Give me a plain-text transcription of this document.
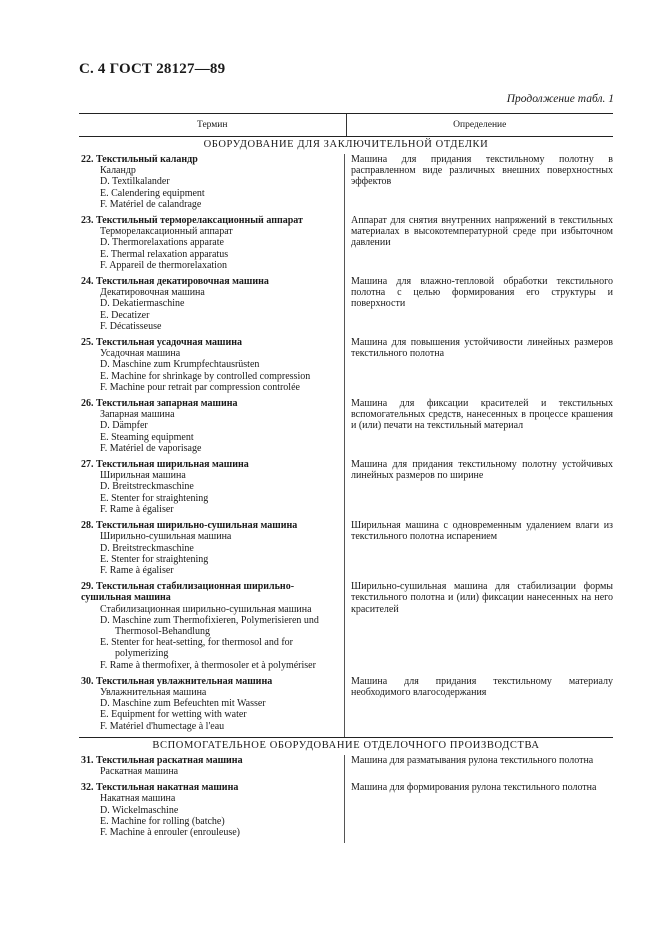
С. 4 ГОСТ 28127—89
Продолжение табл. 1
Термин	Определение
ОБОРУДОВАНИЕ ДЛЯ ЗАКЛЮЧИТЕЛЬНОЙ ОТДЕЛКИ
22. Текстильный каландр
Каландр
D. Textilkalander
E. Calendering equipment
F. Matériel de calandrage
Машина для придания текстильному полотну в расправленном виде различных внешних поверхностных эффектов
23. Текстильный терморелаксационный аппарат
Терморелаксационный аппарат
D. Thermorelaxations apparate
E. Thermal relaxation apparatus
F. Appareil de thermorelaxation
Аппарат для снятия внутренних напряжений в текстильных материалах в высокотемпературной среде при избыточном давлении
24. Текстильная декатировочная машина
Декатировочная машина
D. Dekatiermaschine
E. Decatizer
F. Décatisseuse
Машина для влажно-тепловой обработки текстильного полотна с целью формирования его структуры и поверхности
25. Текстильная усадочная машина
Усадочная машина
D. Maschine zum Krumpfechtausrüsten
E. Machine for shrinkage by controlled compression
F. Machine pour retrait par compression controlée
Машина для повышения устойчивости линейных размеров текстильного полотна
26. Текстильная запарная машина
Запарная машина
D. Dämpfer
E. Steaming equipment
F. Matériel de vaporisage
Машина для фиксации красителей и текстильных вспомогательных средств, нанесенных в процессе крашения и (или) печати на текстильный материал
27. Текстильная ширильная машина
Ширильная машина
D. Breitstreckmaschine
E. Stenter for straightening
F. Rame à égaliser
Машина для придания текстильному полотну устойчивых линейных размеров по ширине
28. Текстильная ширильно-сушильная машина
Ширильно-сушильная машина
D. Breitstreckmaschine
E. Stenter for straightening
F. Rame à égaliser
Ширильная машина с одновременным удалением влаги из текстильного полотна испарением
29. Текстильная стабилизационная ширильно-сушильная машина
Стабилизационная ширильно-сушильная машина
D. Maschine zum Thermofixieren, Polymerisieren und
Thermosol-Behandlung
E. Stenter for heat-setting, for thermosol and for
polymerizing
F. Rame à thermofixer, à thermosoler et à polymériser
Ширильно-сушильная машина для стабилизации формы текстильного полотна и (или) фиксации нанесенных на него красителей
30. Текстильная увлажнительная машина
Увлажнительная машина
D. Maschine zum Befeuchten mit Wasser
E. Equipment for wetting with water
F. Matériel d'humectage à l'eau
Машина для придания текстильному материалу необходимого влагосодержания
ВСПОМОГАТЕЛЬНОЕ ОБОРУДОВАНИЕ ОТДЕЛОЧНОГО ПРОИЗВОДСТВА
31. Текстильная раскатная машина
Раскатная машина
Машина для разматывания рулона текстильного полотна
32. Текстильная накатная машина
Накатная машина
D. Wickelmaschine
E. Machine for rolling (batche)
F. Machine à enrouler (enrouleuse)
Машина для формирования рулона текстильного полотна
